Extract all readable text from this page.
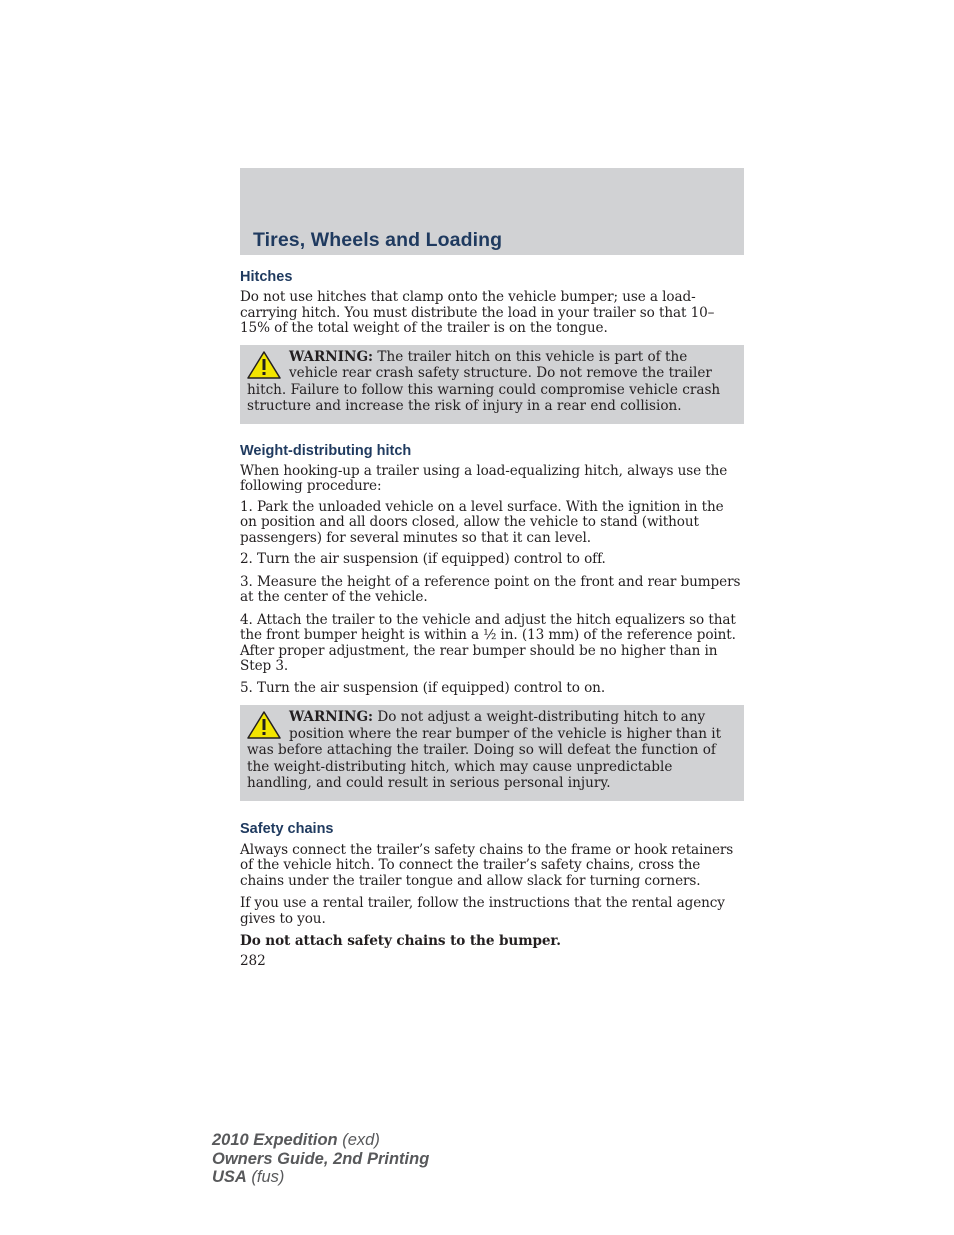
Tires, Wheels and Loading
Hitches

Do not use hitches that clamp onto the vehicle bumper; use a load-carrying hitch. You must distribute the load in your trailer so that 10–15% of the total weight of the trailer is on the tongue.

WARNING: The trailer hitch on this vehicle is part of the vehicle rear crash safety structure. Do not remove the trailer hitch. Failure to follow this warning could compromise vehicle crash structure and increase the risk of injury in a rear end collision.
Weight-distributing hitch

When hooking-up a trailer using a load-equalizing hitch, always use the following procedure:

1. Park the unloaded vehicle on a level surface. With the ignition in the on position and all doors closed, allow the vehicle to stand (without passengers) for several minutes so that it can level.

2. Turn the air suspension (if equipped) control to off.

3. Measure the height of a reference point on the front and rear bumpers at the center of the vehicle.

4. Attach the trailer to the vehicle and adjust the hitch equalizers so that the front bumper height is within a ½ in. (13 mm) of the reference point. After proper adjustment, the rear bumper should be no higher than in Step 3.

5. Turn the air suspension (if equipped) control to on.

WARNING: Do not adjust a weight-distributing hitch to any position where the rear bumper of the vehicle is higher than it was before attaching the trailer. Doing so will defeat the function of the weight-distributing hitch, which may cause unpredictable handling, and could result in serious personal injury.
Safety chains

Always connect the trailer’s safety chains to the frame or hook retainers of the vehicle hitch. To connect the trailer’s safety chains, cross the chains under the trailer tongue and allow slack for turning corners.

If you use a rental trailer, follow the instructions that the rental agency gives to you.

Do not attach safety chains to the bumper.

282

2010 Expedition (exd)
Owners Guide, 2nd Printing
USA (fus)
